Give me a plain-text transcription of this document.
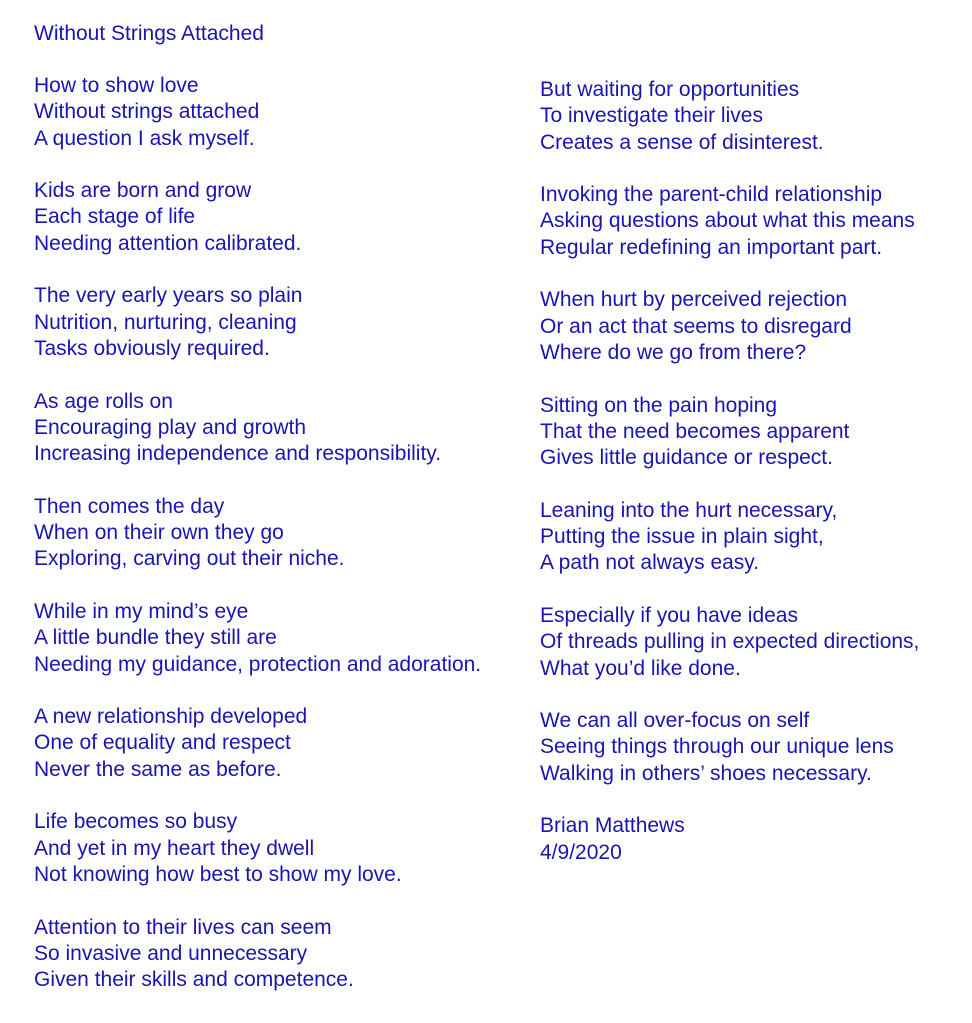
Without Strings Attached

How to show love
Without strings attached
A question I ask myself.

Kids are born and grow
Each stage of life
Needing attention calibrated.

The very early years so plain
Nutrition, nurturing, cleaning
Tasks obviously required.

As age rolls on
Encouraging play and growth
Increasing independence and responsibility.

Then comes the day
When on their own they go
Exploring, carving out their niche.

While in my mind’s eye
A little bundle they still are
Needing my guidance, protection and adoration.

A new relationship developed
One of equality and respect
Never the same as before.

Life becomes so busy
And yet in my heart they dwell
Not knowing how best to show my love.

Attention to their lives can seem
So invasive and unnecessary
Given their skills and competence.

But waiting for opportunities
To investigate their lives
Creates a sense of disinterest.

Invoking the parent-child relationship
Asking questions about what this means
Regular redefining an important part.

When hurt by perceived rejection
Or an act that seems to disregard
Where do we go from there?

Sitting on the pain hoping
That the need becomes apparent
Gives little guidance or respect.

Leaning into the hurt necessary,
Putting the issue in plain sight,
A path not always easy.

Especially if you have ideas
Of threads pulling in expected directions,
What you’d like done.

We can all over-focus on self
Seeing things through our unique lens
Walking in others’ shoes necessary.

Brian Matthews
4/9/2020
